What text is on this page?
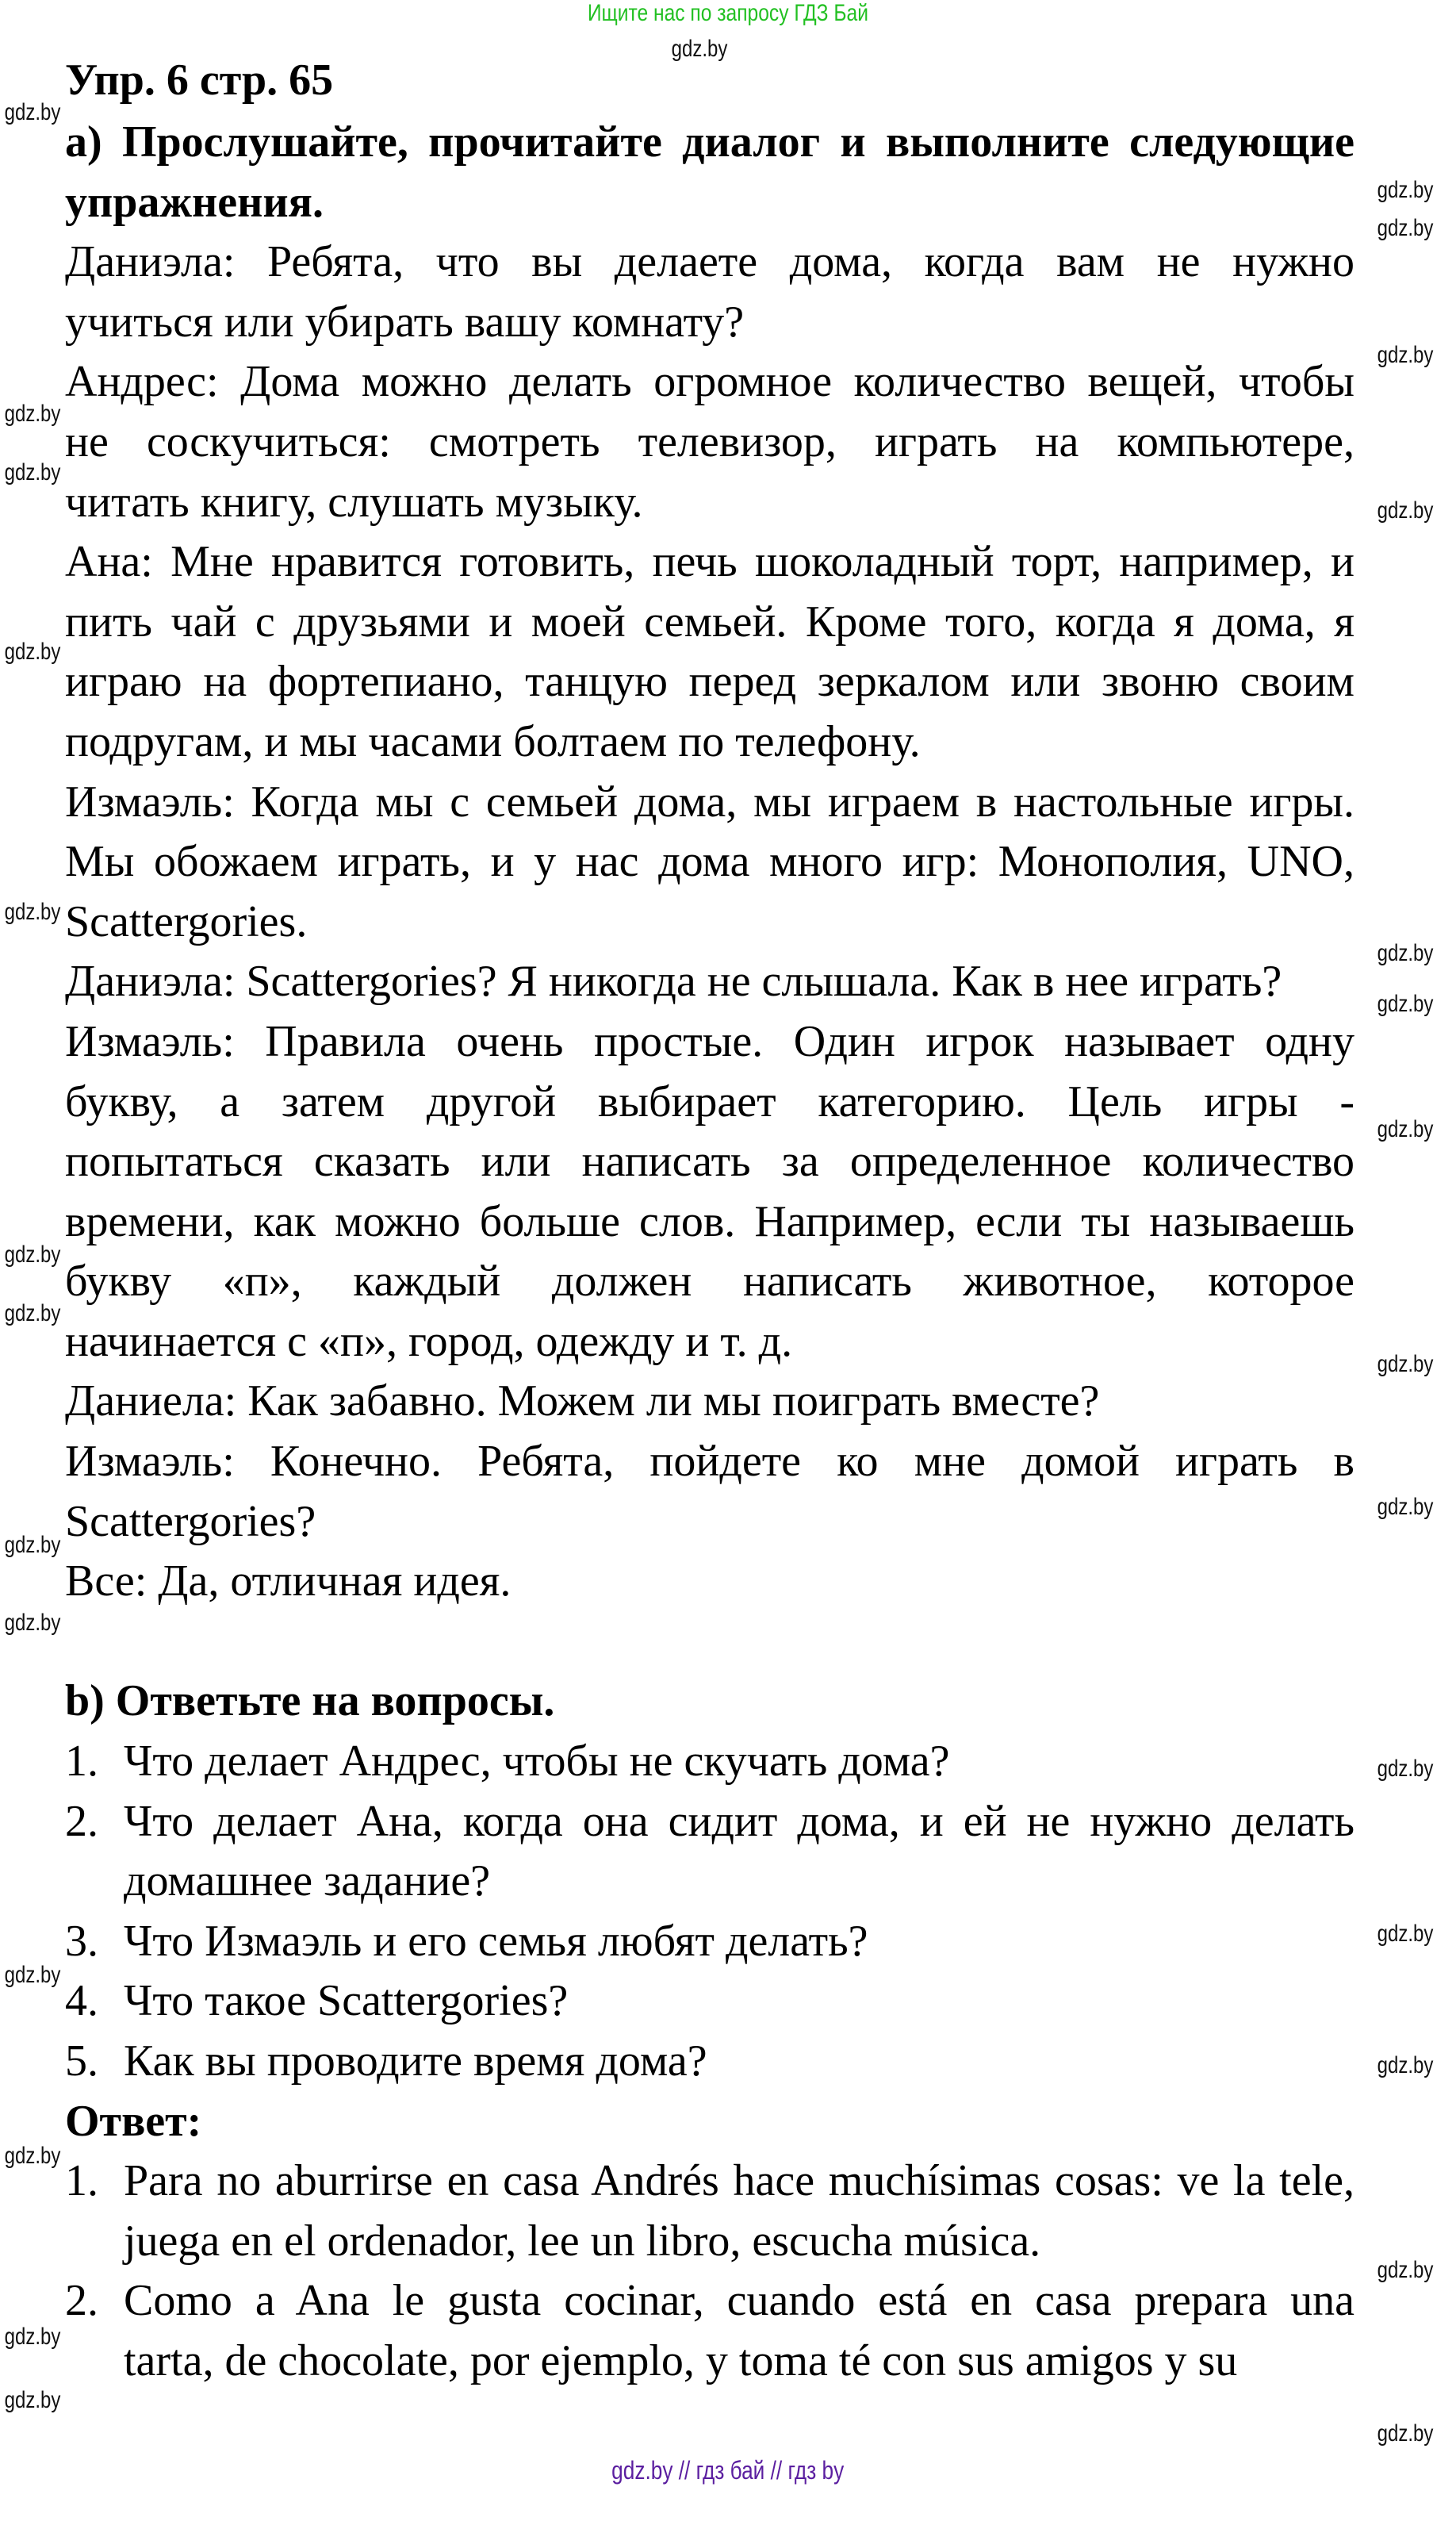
Ищите нас по запросу ГДЗ Бай
Упр. 6 стр. 65
а) Прослушайте, прочитайте диалог и выполните следующие
упражнения.
Даниэла: Ребята, что вы делаете дома, когда вам не нужно
учиться или убирать вашу комнату?
Андрес: Дома можно делать огромное количество вещей, чтобы
не соскучиться: смотреть телевизор, играть на компьютере,
читать книгу, слушать музыку.
Ана: Мне нравится готовить, печь шоколадный торт, например, и
пить чай с друзьями и моей семьей. Кроме того, когда я дома, я
играю на фортепиано, танцую перед зеркалом или звоню своим
подругам, и мы часами болтаем по телефону.
Измаэль: Когда мы с семьей дома, мы играем в настольные игры.
Мы обожаем играть, и у нас дома много игр: Монополия, UNO,
Scattergories.
Даниэла: Scattergories? Я никогда не слышала. Как в нее играть?
Измаэль: Правила очень простые. Один игрок называет одну
букву, а затем другой выбирает категорию. Цель игры -
попытаться сказать или написать за определенное количество
времени, как можно больше слов. Например, если ты называешь
букву «п», каждый должен написать животное, которое
начинается с «п», город, одежду и т. д.
Даниела: Как забавно. Можем ли мы поиграть вместе?
Измаэль: Конечно. Ребята, пойдете ко мне домой играть в
Scattergories?
Все: Да, отличная идея.
b) Ответьте на вопросы.
1. Что делает Андрес, чтобы не скучать дома?
2. Что делает Ана, когда она сидит дома, и ей не нужно делать
домашнее задание?
3. Что Измаэль и его семья любят делать?
4. Что такое Scattergories?
5. Как вы проводите время дома?
Ответ:
1. Para no aburrirse en casa Andrés hace muchísimas cosas: ve la tele,
juega en el ordenador, lee un libro, escucha música.
2. Como a Ana le gusta cocinar, cuando está en casa prepara una
tarta, de chocolate, por ejemplo, y toma té con sus amigos y su
gdz.by
gdz.by
gdz.by
gdz.by
gdz.by
gdz.by
gdz.by
gdz.by
gdz.by
gdz.by
gdz.by
gdz.by
gdz.by
gdz.by
gdz.by
gdz.by
gdz.by
gdz.by
gdz.by
gdz.by
gdz.by
gdz.by
gdz.by
gdz.by
gdz.by
gdz.by
gdz.by
gdz.by
gdz.by // гдз бай // гдз by
